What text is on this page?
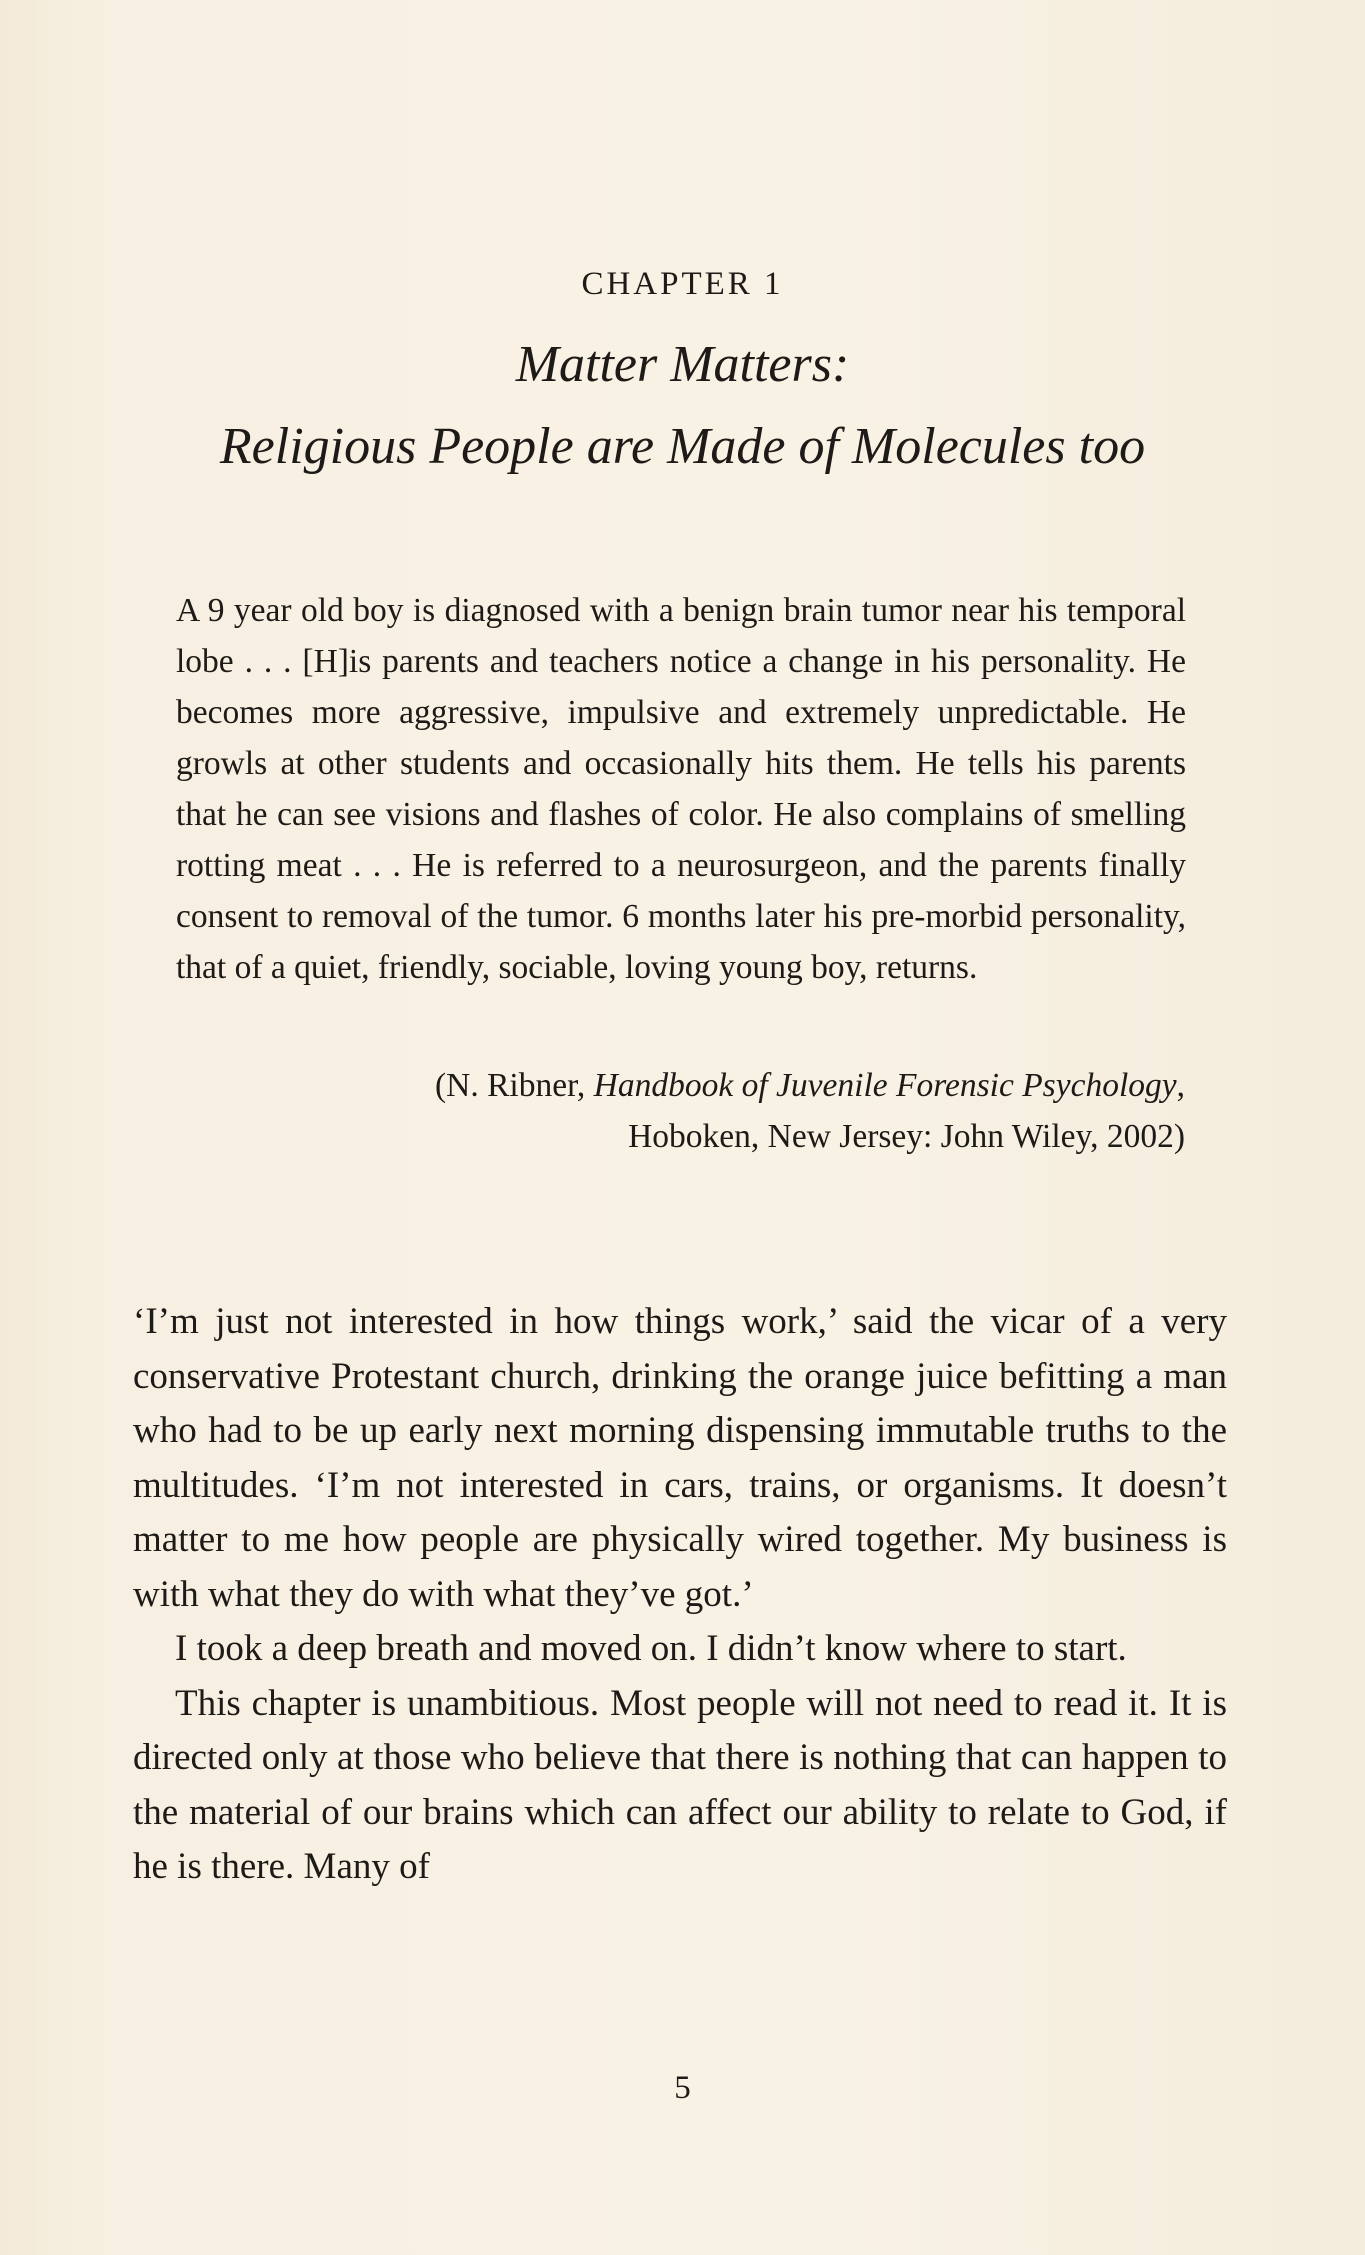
CHAPTER 1
Matter Matters:
Religious People are Made of Molecules too

A 9 year old boy is diagnosed with a benign brain tumor near his temporal lobe . . . [H]is parents and teachers notice a change in his personality. He becomes more aggressive, impulsive and extremely unpredictable. He growls at other students and occasionally hits them. He tells his parents that he can see visions and flashes of color. He also complains of smelling rotting meat . . . He is referred to a neurosurgeon, and the parents finally consent to removal of the tumor. 6 months later his pre-morbid personality, that of a quiet, friendly, sociable, loving young boy, returns.

(N. Ribner, Handbook of Juvenile Forensic Psychology,
Hoboken, New Jersey: John Wiley, 2002)

‘I’m just not interested in how things work,’ said the vicar of a very conservative Protestant church, drinking the orange juice befitting a man who had to be up early next morning dispensing immutable truths to the multitudes. ‘I’m not interested in cars, trains, or organisms. It doesn’t matter to me how people are physically wired together. My business is with what they do with what they’ve got.’

I took a deep breath and moved on. I didn’t know where to start.

This chapter is unambitious. Most people will not need to read it. It is directed only at those who believe that there is nothing that can happen to the material of our brains which can affect our ability to relate to God, if he is there. Many of

5
